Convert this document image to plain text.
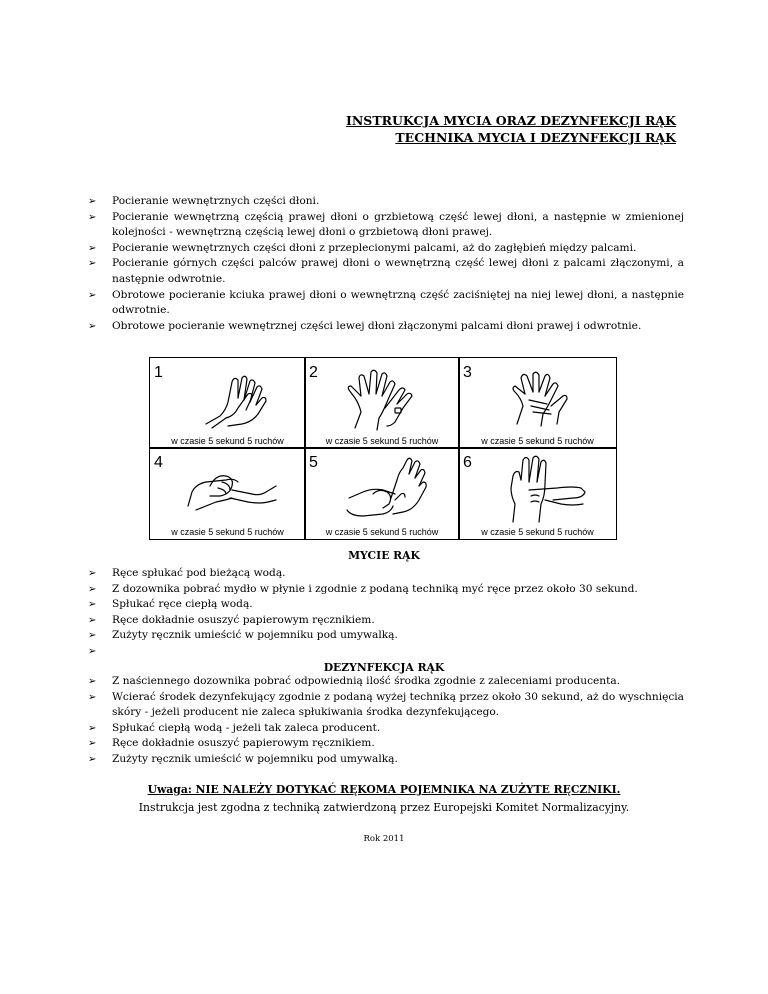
INSTRUKCJA MYCIA ORAZ DEZYNFEKCJI RĄK
TECHNIKA MYCIA I DEZYNFEKCJI RĄK
➢ Pocieranie wewnętrznych części dłoni.
➢ Pocieranie wewnętrzną częścią prawej dłoni o grzbietową część lewej dłoni, a następnie w zmienionej kolejności - wewnętrzną częścią lewej dłoni o grzbietową dłoni prawej.
➢ Pocieranie wewnętrznych części dłoni z przeplecionymi palcami, aż do zagłębień między palcami.
➢ Pocieranie górnych części palców prawej dłoni o wewnętrzną część lewej dłoni z palcami złączonymi, a następnie odwrotnie.
➢ Obrotowe pocieranie kciuka prawej dłoni o wewnętrzną część zaciśniętej na niej lewej dłoni, a następnie odwrotnie.
➢ Obrotowe pocieranie wewnętrznej części lewej dłoni złączonymi palcami dłoni prawej i odwrotnie.
1
w czasie 5 sekund 5 ruchów
2
w czasie 5 sekund 5 ruchów
3
w czasie 5 sekund 5 ruchów
4
w czasie 5 sekund 5 ruchów
5
w czasie 5 sekund 5 ruchów
6
w czasie 5 sekund 5 ruchów
MYCIE RĄK
➢ Ręce spłukać pod bieżącą wodą.
➢ Z dozownika pobrać mydło w płynie i zgodnie z podaną techniką myć ręce przez około 30 sekund.
➢ Spłukać ręce ciepłą wodą.
➢ Ręce dokładnie osuszyć papierowym ręcznikiem.
➢ Zużyty ręcznik umieścić w pojemniku pod umywalką.
➢
DEZYNFEKCJA RĄK
➢ Z naściennego dozownika pobrać odpowiednią ilość środka zgodnie z zaleceniami producenta.
➢ Wcierać środek dezynfekujący zgodnie z podaną wyżej techniką przez około 30 sekund, aż do wyschnięcia skóry - jeżeli producent nie zaleca spłukiwania środka dezynfekującego.
➢ Spłukać ciepłą wodą - jeżeli tak zaleca producent.
➢ Ręce dokładnie osuszyć papierowym ręcznikiem.
➢ Zużyty ręcznik umieścić w pojemniku pod umywalką.
Uwaga: NIE NALEŻY DOTYKAĆ RĘKOMA POJEMNIKA NA ZUŻYTE RĘCZNIKI.
Instrukcja jest zgodna z techniką zatwierdzoną przez Europejski Komitet Normalizacyjny.
Rok 2011
